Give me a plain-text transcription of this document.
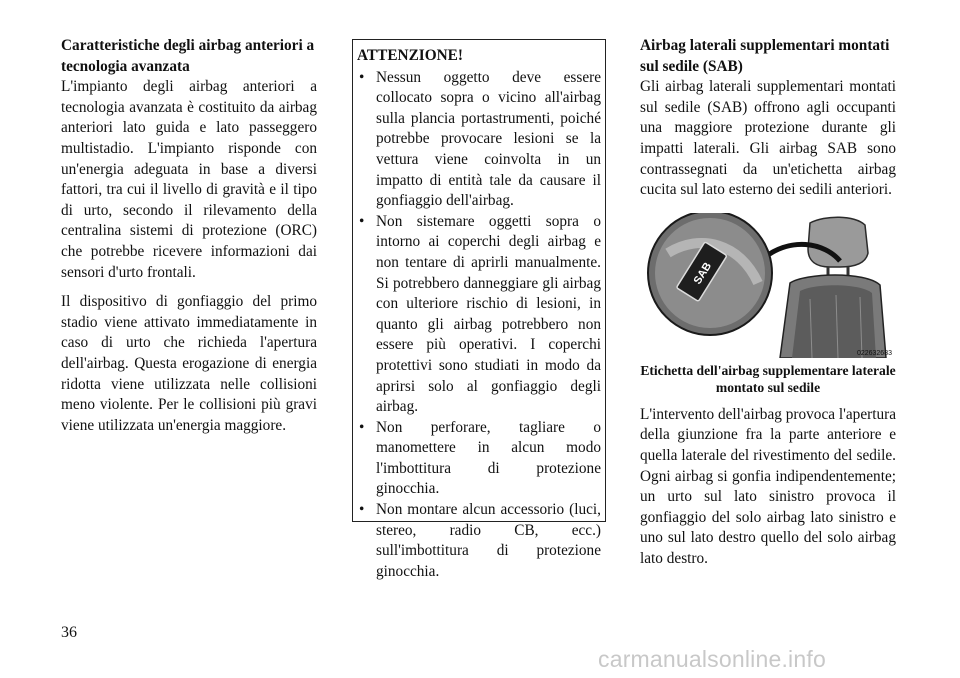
Caratteristiche degli airbag anteriori a tecnologia avanzata

L'impianto degli airbag anteriori a tecnologia avanzata è costituito da airbag anteriori lato guida e lato passeggero multistadio. L'impianto risponde con un'energia adeguata in base a diversi fattori, tra cui il livello di gravità e il tipo di urto, secondo il rilevamento della centralina sistemi di protezione (ORC) che potrebbe ricevere informazioni dai sensori d'urto frontali.

Il dispositivo di gonfiaggio del primo stadio viene attivato immediatamente in caso di urto che richieda l'apertura dell'airbag. Questa erogazione di energia ridotta viene utilizzata nelle collisioni meno violente. Per le collisioni più gravi viene utilizzata un'energia maggiore.

ATTENZIONE!

• Nessun oggetto deve essere collocato sopra o vicino all'airbag sulla plancia portastrumenti, poiché potrebbe provocare lesioni se la vettura viene coinvolta in un impatto di entità tale da causare il gonfiaggio dell'airbag.
• Non sistemare oggetti sopra o intorno ai coperchi degli airbag e non tentare di aprirli manualmente. Si potrebbero danneggiare gli airbag con ulteriore rischio di lesioni, in quanto gli airbag potrebbero non essere più operativi. I coperchi protettivi sono studiati in modo da aprirsi solo al gonfiaggio degli airbag.
• Non perforare, tagliare o manomettere in alcun modo l'imbottitura di protezione ginocchia.
• Non montare alcun accessorio (luci, stereo, radio CB, ecc.) sull'imbottitura di protezione ginocchia.

Airbag laterali supplementari montati sul sedile (SAB)

Gli airbag laterali supplementari montati sul sedile (SAB) offrono agli occupanti una maggiore protezione durante gli impatti laterali. Gli airbag SAB sono contrassegnati da un'etichetta airbag cucita sul lato esterno dei sedili anteriori.

SAB
022632683

Etichetta dell'airbag supplementare laterale montato sul sedile

L'intervento dell'airbag provoca l'apertura della giunzione fra la parte anteriore e quella laterale del rivestimento del sedile. Ogni airbag si gonfia indipendentemente; un urto sul lato sinistro provoca il gonfiaggio del solo airbag lato sinistro e uno sul lato destro quello del solo airbag lato destro.

36
carmanualsonline.info
